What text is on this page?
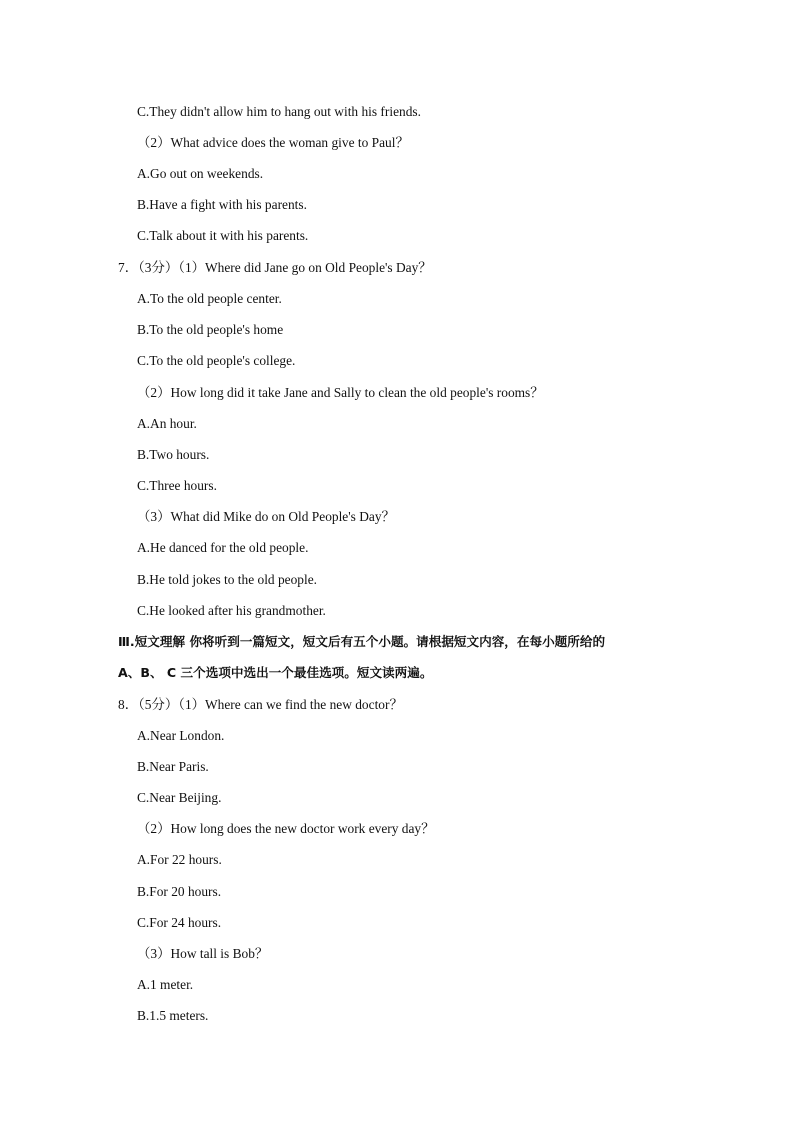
C.They didn't allow him to hang out with his friends.
（2）What advice does the woman give to Paul？
A.Go out on weekends.
B.Have a fight with his parents.
C.Talk about it with his parents.
7．（3分）（1）Where did Jane go on Old People's Day？
A.To the old people center.
B.To the old people's home
C.To the old people's college.
（2）How long did it take Jane and Sally to clean the old people's rooms？
A.An hour.
B.Two hours.
C.Three hours.
（3）What did Mike do on Old People's Day？
A.He danced for the old people.
B.He told jokes to the old people.
C.He looked after his grandmother.
Ⅲ.短文理解 你将听到一篇短文，短文后有五个小题。请根据短文内容，在每小题所给的
A、B、 C 三个选项中选出一个最佳选项。短文读两遍。
8．（5分）（1）Where can we find the new doctor？
A.Near London.
B.Near Paris.
C.Near Beijing.
（2）How long does the new doctor work every day？
A.For 22 hours.
B.For 20 hours.
C.For 24 hours.
（3）How tall is Bob？
A.1 meter.
B.1.5 meters.
